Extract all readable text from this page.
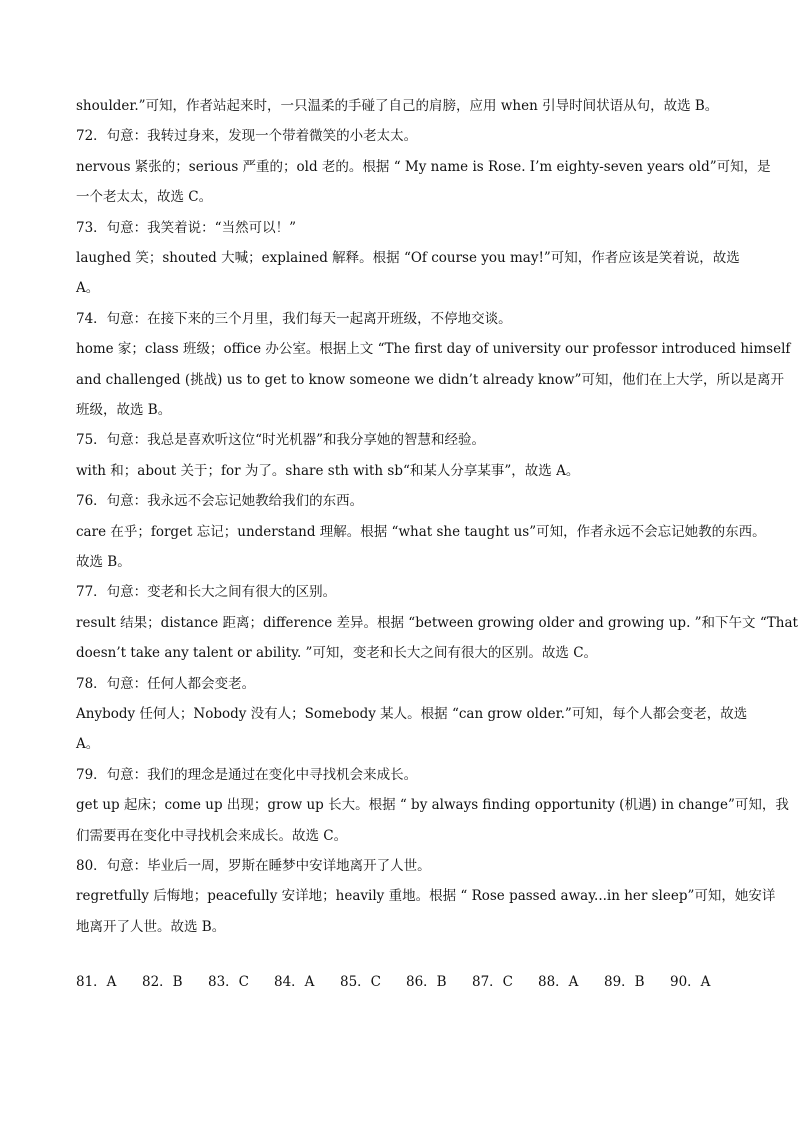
shoulder.”可知，作者站起来时，一只温柔的手碰了自己的肩膀，应用 when 引导时间状语从句，故选 B。
72．句意：我转过身来，发现一个带着微笑的小老太太。
nervous 紧张的；serious 严重的；old 老的。根据 “ My name is Rose. I’m eighty-seven years old”可知，是
一个老太太，故选 C。
73．句意：我笑着说：“当然可以！”
laughed 笑；shouted 大喊；explained 解释。根据 “Of course you may!”可知，作者应该是笑着说，故选
A。
74．句意：在接下来的三个月里，我们每天一起离开班级，不停地交谈。
home 家；class 班级；office 办公室。根据上文 “The first day of university our professor introduced himself
and challenged (挑战) us to get to know someone we didn’t already know”可知，他们在上大学，所以是离开
班级，故选 B。
75．句意：我总是喜欢听这位“时光机器”和我分享她的智慧和经验。
with 和；about 关于；for 为了。share sth with sb“和某人分享某事”，故选 A。
76．句意：我永远不会忘记她教给我们的东西。
care 在乎；forget 忘记；understand 理解。根据 “what she taught us”可知，作者永远不会忘记她教的东西。
故选 B。
77．句意：变老和长大之间有很大的区别。
result 结果；distance 距离；difference 差异。根据 “between growing older and growing up. ”和下午文 “That
doesn’t take any talent or ability. ”可知，变老和长大之间有很大的区别。故选 C。
78．句意：任何人都会变老。
Anybody 任何人；Nobody 没有人；Somebody 某人。根据 “can grow older.”可知，每个人都会变老，故选
A。
79．句意：我们的理念是通过在变化中寻找机会来成长。
get up 起床；come up 出现；grow up 长大。根据 “ by always finding opportunity (机遇) in change”可知，我
们需要再在变化中寻找机会来成长。故选 C。
80．句意：毕业后一周，罗斯在睡梦中安详地离开了人世。
regretfully 后悔地；peacefully 安详地；heavily 重地。根据 “ Rose passed away...in her sleep”可知，她安详
地离开了人世。故选 B。
81．A	82．B	83．C	84．A	85．C	86．B	87．C	88．A	89．B	90．A
